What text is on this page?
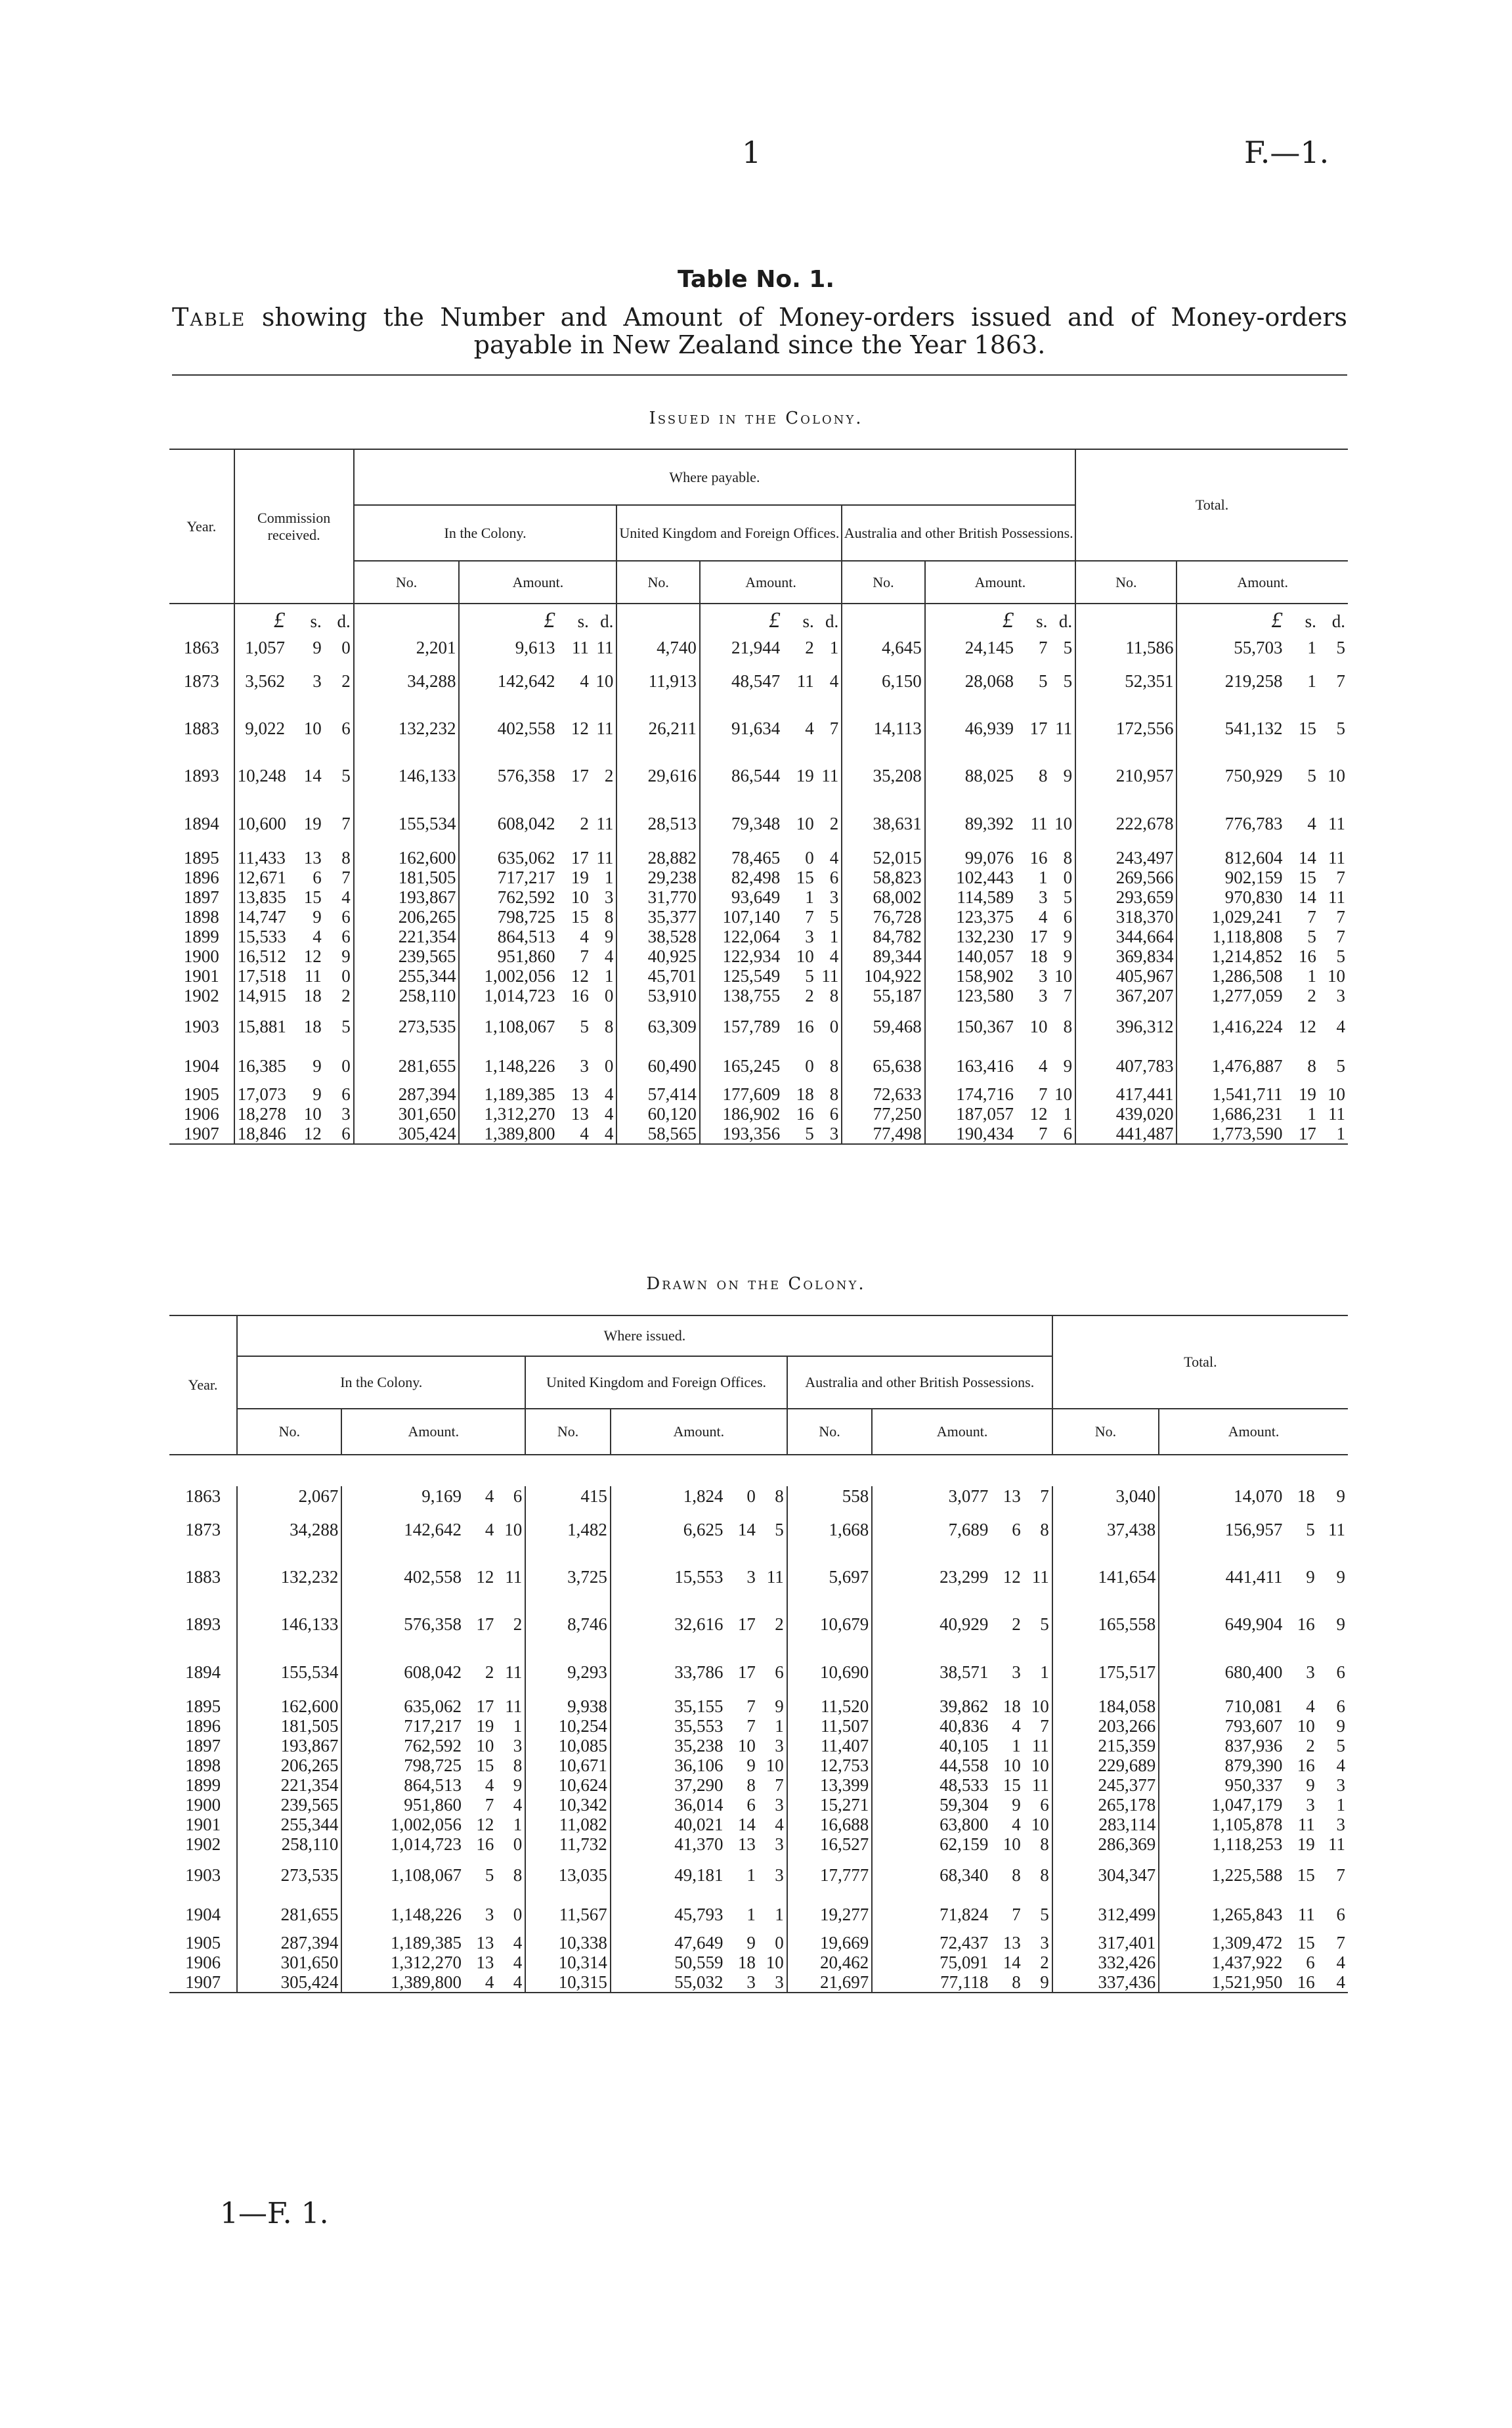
1	F.—1.
Table No. 1.
Table showing the Number and Amount of Money-orders issued and of Money-orders payable in New Zealand since the Year 1863.
Issued in the Colony.
Year.	Commission received.			Where payable.												Total.			
				In the Colony.				United Kingdom and Foreign Offices.				Australia and other British Possessions.							
				No.	Amount.			No.	Amount.			No.	Amount.			No.	Amount.		
	£	s.	d.		£	s.	d.		£	s.	d.		£	s.	d.		£	s.	d.
1863	1,057	9	0	2,201	9,613	11	11	4,740	21,944	2	1	4,645	24,145	7	5	11,586	55,703	1	5
1873	3,562	3	2	34,288	142,642	4	10	11,913	48,547	11	4	6,150	28,068	5	5	52,351	219,258	1	7
1883	9,022	10	6	132,232	402,558	12	11	26,211	91,634	4	7	14,113	46,939	17	11	172,556	541,132	15	5
1893	10,248	14	5	146,133	576,358	17	2	29,616	86,544	19	11	35,208	88,025	8	9	210,957	750,929	5	10
1894	10,600	19	7	155,534	608,042	2	11	28,513	79,348	10	2	38,631	89,392	11	10	222,678	776,783	4	11
1895	11,433	13	8	162,600	635,062	17	11	28,882	78,465	0	4	52,015	99,076	16	8	243,497	812,604	14	11
1896	12,671	6	7	181,505	717,217	19	1	29,238	82,498	15	6	58,823	102,443	1	0	269,566	902,159	15	7
1897	13,835	15	4	193,867	762,592	10	3	31,770	93,649	1	3	68,002	114,589	3	5	293,659	970,830	14	11
1898	14,747	9	6	206,265	798,725	15	8	35,377	107,140	7	5	76,728	123,375	4	6	318,370	1,029,241	7	7
1899	15,533	4	6	221,354	864,513	4	9	38,528	122,064	3	1	84,782	132,230	17	9	344,664	1,118,808	5	7
1900	16,512	12	9	239,565	951,860	7	4	40,925	122,934	10	4	89,344	140,057	18	9	369,834	1,214,852	16	5
1901	17,518	11	0	255,344	1,002,056	12	1	45,701	125,549	5	11	104,922	158,902	3	10	405,967	1,286,508	1	10
1902	14,915	18	2	258,110	1,014,723	16	0	53,910	138,755	2	8	55,187	123,580	3	7	367,207	1,277,059	2	3
1903	15,881	18	5	273,535	1,108,067	5	8	63,309	157,789	16	0	59,468	150,367	10	8	396,312	1,416,224	12	4
1904	16,385	9	0	281,655	1,148,226	3	0	60,490	165,245	0	8	65,638	163,416	4	9	407,783	1,476,887	8	5
1905	17,073	9	6	287,394	1,189,385	13	4	57,414	177,609	18	8	72,633	174,716	7	10	417,441	1,541,711	19	10
1906	18,278	10	3	301,650	1,312,270	13	4	60,120	186,902	16	6	77,250	187,057	12	1	439,020	1,686,231	1	11
1907	18,846	12	6	305,424	1,389,800	4	4	58,565	193,356	5	3	77,498	190,434	7	6	441,487	1,773,590	17	1
Drawn on the Colony.
Year.	Where issued.												Total.			
	In the Colony.				United Kingdom and Foreign Offices.				Australia and other British Possessions.							
	No.	Amount.			No.	Amount.			No.	Amount.			No.	Amount.		

1863	2,067	9,169	4	6	415	1,824	0	8	558	3,077	13	7	3,040	14,070	18	9
1873	34,288	142,642	4	10	1,482	6,625	14	5	1,668	7,689	6	8	37,438	156,957	5	11
1883	132,232	402,558	12	11	3,725	15,553	3	11	5,697	23,299	12	11	141,654	441,411	9	9
1893	146,133	576,358	17	2	8,746	32,616	17	2	10,679	40,929	2	5	165,558	649,904	16	9
1894	155,534	608,042	2	11	9,293	33,786	17	6	10,690	38,571	3	1	175,517	680,400	3	6
1895	162,600	635,062	17	11	9,938	35,155	7	9	11,520	39,862	18	10	184,058	710,081	4	6
1896	181,505	717,217	19	1	10,254	35,553	7	1	11,507	40,836	4	7	203,266	793,607	10	9
1897	193,867	762,592	10	3	10,085	35,238	10	3	11,407	40,105	1	11	215,359	837,936	2	5
1898	206,265	798,725	15	8	10,671	36,106	9	10	12,753	44,558	10	10	229,689	879,390	16	4
1899	221,354	864,513	4	9	10,624	37,290	8	7	13,399	48,533	15	11	245,377	950,337	9	3
1900	239,565	951,860	7	4	10,342	36,014	6	3	15,271	59,304	9	6	265,178	1,047,179	3	1
1901	255,344	1,002,056	12	1	11,082	40,021	14	4	16,688	63,800	4	10	283,114	1,105,878	11	3
1902	258,110	1,014,723	16	0	11,732	41,370	13	3	16,527	62,159	10	8	286,369	1,118,253	19	11
1903	273,535	1,108,067	5	8	13,035	49,181	1	3	17,777	68,340	8	8	304,347	1,225,588	15	7
1904	281,655	1,148,226	3	0	11,567	45,793	1	1	19,277	71,824	7	5	312,499	1,265,843	11	6
1905	287,394	1,189,385	13	4	10,338	47,649	9	0	19,669	72,437	13	3	317,401	1,309,472	15	7
1906	301,650	1,312,270	13	4	10,314	50,559	18	10	20,462	75,091	14	2	332,426	1,437,922	6	4
1907	305,424	1,389,800	4	4	10,315	55,032	3	3	21,697	77,118	8	9	337,436	1,521,950	16	4
1—F. 1.
